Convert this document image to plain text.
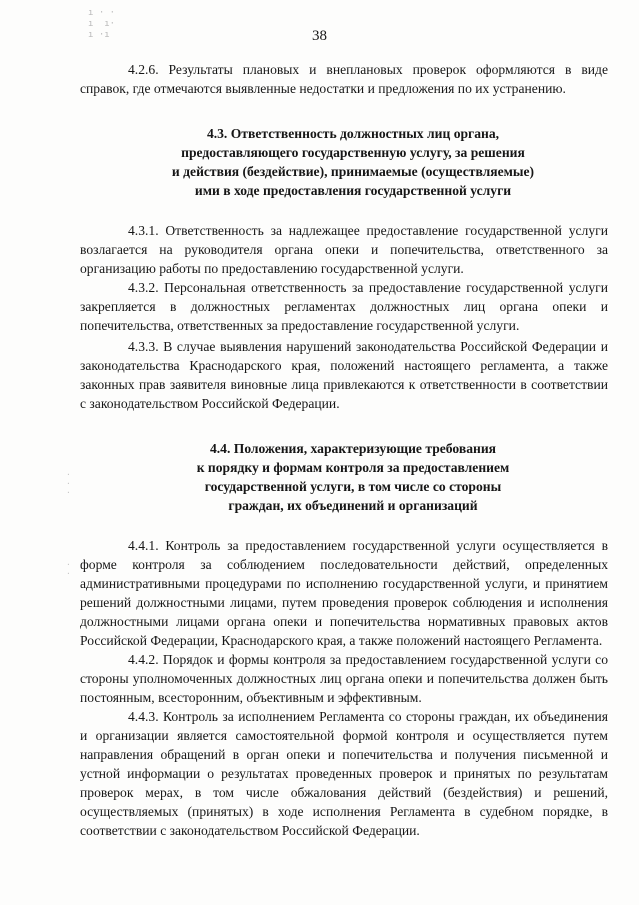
ı · ·
ı  ı·
ı ·ı
· ·
·
·
·
38

4.2.6. Результаты плановых и внеплановых проверок оформляются в виде справок, где отмечаются выявленные недостатки и предложения по их устранению.

4.3. Ответственность должностных лиц органа,
предоставляющего государственную услугу, за решения
и действия (бездействие), принимаемые (осуществляемые)
ими в ходе предоставления государственной услуги

4.3.1. Ответственность за надлежащее предоставление государственной услуги возлагается на руководителя органа опеки и попечительства, ответственного за организацию работы по предоставлению государственной услуги.

4.3.2. Персональная ответственность за предоставление государственной услуги закрепляется в должностных регламентах должностных лиц органа опеки и попечительства, ответственных за предоставление государственной услуги.

4.3.3. В случае выявления нарушений законодательства Российской Федерации и законодательства Краснодарского края, положений настоящего регламента, а также законных прав заявителя виновные лица привлекаются к ответственности в соответствии с законодательством Российской Федерации.

4.4. Положения, характеризующие требования
к порядку и формам контроля за предоставлением
государственной услуги, в том числе со стороны
граждан, их объединений и организаций

4.4.1. Контроль за предоставлением государственной услуги осуществляется в форме контроля за соблюдением последовательности действий, определенных административными процедурами по исполнению государственной услуги, и принятием решений должностными лицами, путем проведения проверок соблюдения и исполнения должностными лицами органа опеки и попечительства нормативных правовых актов Российской Федерации, Краснодарского края, а также положений настоящего Регламента.

4.4.2. Порядок и формы контроля за предоставлением государственной услуги со стороны уполномоченных должностных лиц органа опеки и попечительства должен быть постоянным, всесторонним, объективным и эффективным.

4.4.3. Контроль за исполнением Регламента со стороны граждан, их объединения и организации является самостоятельной формой контроля и осуществляется путем направления обращений в орган опеки и попечительства и получения письменной и устной информации о результатах проведенных проверок и принятых по результатам проверок мерах, в том числе обжалования действий (бездействия) и решений, осуществляемых (принятых) в ходе исполнения Регламента в судебном порядке, в соответствии с законодательством Российской Федерации.
